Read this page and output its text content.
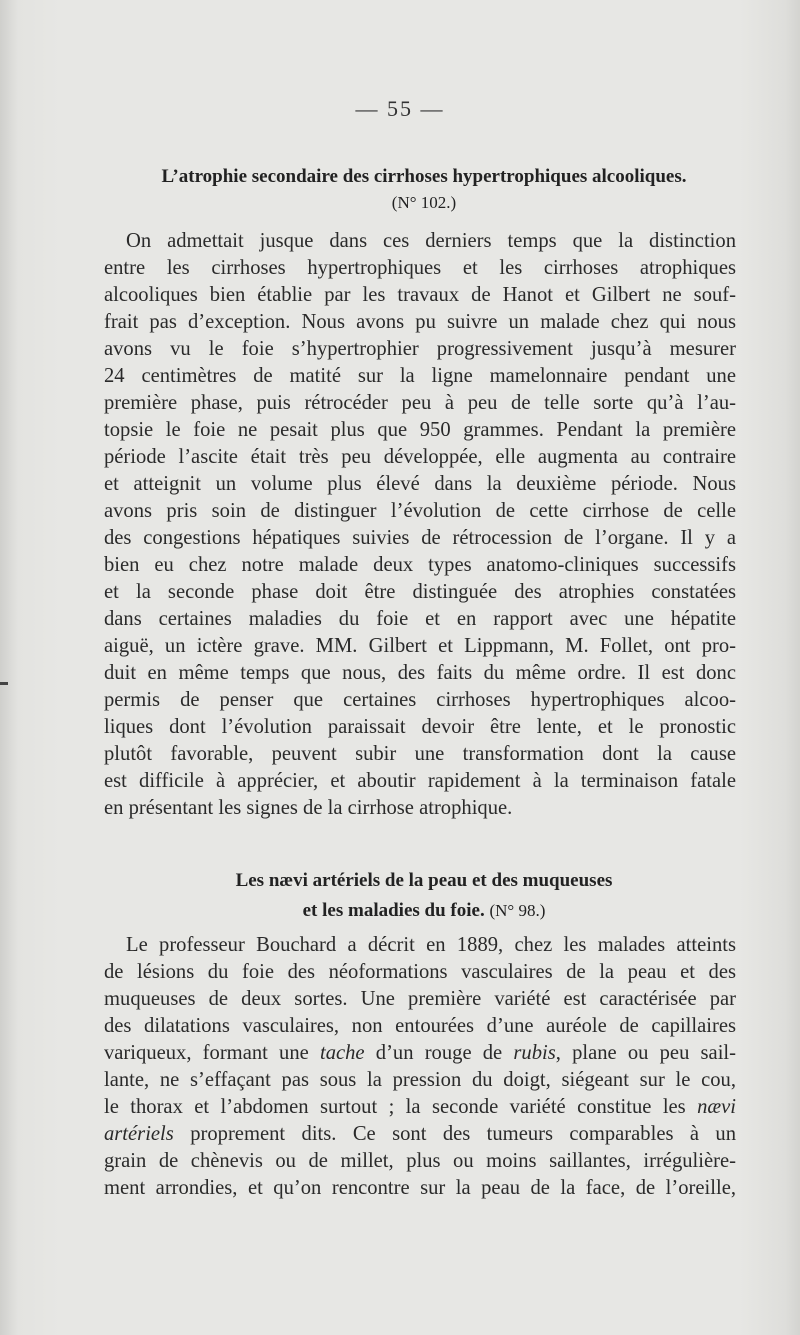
— 55 —
L’atrophie secondaire des cirrhoses hypertrophiques alcooliques.
(N° 102.)
On admettait jusque dans ces derniers temps que la distinction
entre les cirrhoses hypertrophiques et les cirrhoses atrophiques
alcooliques bien établie par les travaux de Hanot et Gilbert ne souf-
frait pas d’exception. Nous avons pu suivre un malade chez qui nous
avons vu le foie s’hypertrophier progressivement jusqu’à mesurer
24 centimètres de matité sur la ligne mamelonnaire pendant une
première phase, puis rétrocéder peu à peu de telle sorte qu’à l’au-
topsie le foie ne pesait plus que 950 grammes. Pendant la première
période l’ascite était très peu développée, elle augmenta au contraire
et atteignit un volume plus élevé dans la deuxième période. Nous
avons pris soin de distinguer l’évolution de cette cirrhose de celle
des congestions hépatiques suivies de rétrocession de l’organe. Il y a
bien eu chez notre malade deux types anatomo-cliniques successifs
et la seconde phase doit être distinguée des atrophies constatées
dans certaines maladies du foie et en rapport avec une hépatite
aiguë, un ictère grave. MM. Gilbert et Lippmann, M. Follet, ont pro-
duit en même temps que nous, des faits du même ordre. Il est donc
permis de penser que certaines cirrhoses hypertrophiques alcoo-
liques dont l’évolution paraissait devoir être lente, et le pronostic
plutôt favorable, peuvent subir une transformation dont la cause
est difficile à apprécier, et aboutir rapidement à la terminaison fatale
en présentant les signes de la cirrhose atrophique.
Les nævi artériels de la peau et des muqueuses
et les maladies du foie. (N° 98.)
Le professeur Bouchard a décrit en 1889, chez les malades atteints
de lésions du foie des néoformations vasculaires de la peau et des
muqueuses de deux sortes. Une première variété est caractérisée par
des dilatations vasculaires, non entourées d’une auréole de capillaires
variqueux, formant une tache d’un rouge de rubis, plane ou peu sail-
lante, ne s’effaçant pas sous la pression du doigt, siégeant sur le cou,
le thorax et l’abdomen surtout ; la seconde variété constitue les nævi
artériels proprement dits. Ce sont des tumeurs comparables à un
grain de chènevis ou de millet, plus ou moins saillantes, irrégulière-
ment arrondies, et qu’on rencontre sur la peau de la face, de l’oreille,
